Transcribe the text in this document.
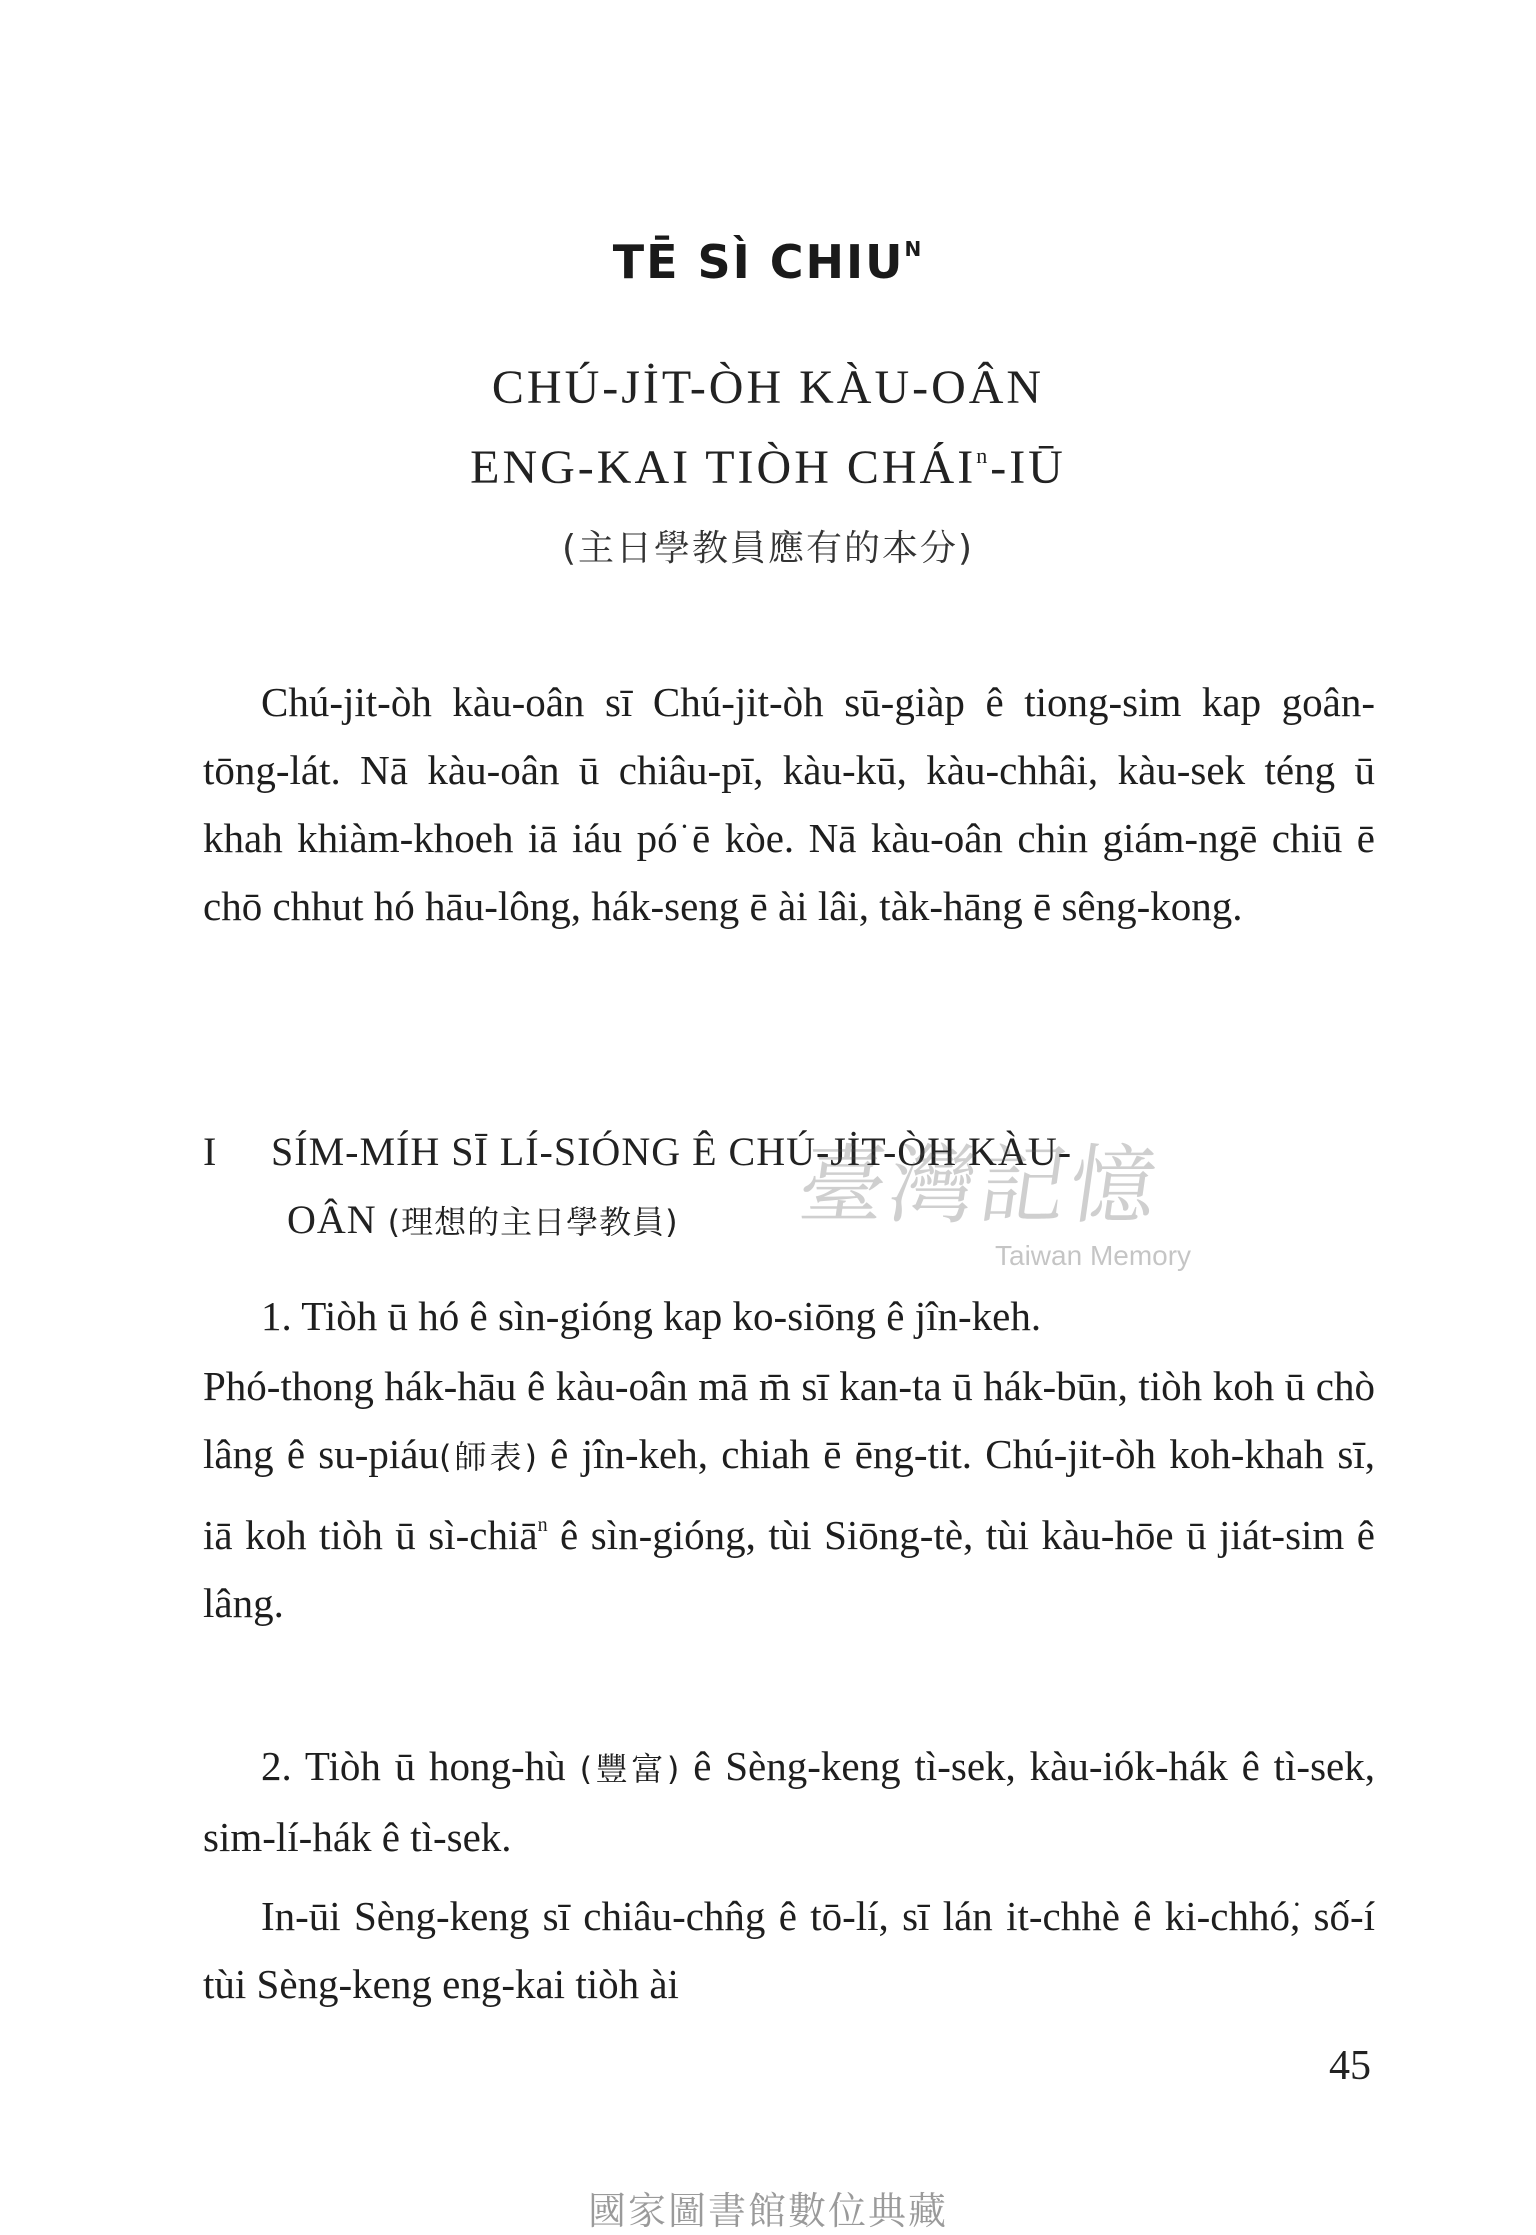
TĒ SÌ $CHIU^N$
CHÚ-JİT-ÒH KÀU-OÂN
ENG-KAI TIÒH CHÁI$^n$-IŪ
(主日學教員應有的本分)
Chú-jit-òh kàu-oân sī Chú-jit-òh sū-giàp ê tiong-sim kap goân-tōng-lát. Nā kàu-oân ū chiâu-pī, kàu-kū, kàu-chhâi, kàu-sek téng ū khah khiàm-khoeh iā iáu pó͘ ē kòe. Nā kàu-oân chin giám-ngē chiū ē chō chhut hó hāu-lông, hák-seng ē ài lâi, tàk-hāng ē sêng-kong.
I SÍM-MÍH SĪ LÍ-SIÓNG Ê CHÚ-JİT-ÒH KÀU-
OÂN (理想的主日學教員)
1. Tiòh ū hó ê sìn-gióng kap ko-siōng ê jîn-keh.
Phó-thong hák-hāu ê kàu-oân mā m̄ sī kan-ta ū hák-būn, tiòh koh ū chò lâng ê su-piáu(師表) ê jîn-keh, chiah ē ēng-tit. Chú-jit-òh koh-khah sī, iā koh tiòh ū sì-chiā$^n$ ê sìn-gióng, tùi Siōng-tè, tùi kàu-hōe ū jiát-sim ê lâng.
2. Tiòh ū hong-hù (豐富) ê Sèng-keng tì-sek, kàu-iók-hák ê tì-sek, sim-lí-hák ê tì-sek.
In-ūi Sèng-keng sī chiâu-chn̂g ê tō-lí, sī lán it-chhè ê ki-chhó͘, số-í tùi Sèng-keng eng-kai tiòh ài
45
臺灣記憶
Taiwan Memory
國家圖書館數位典藏
